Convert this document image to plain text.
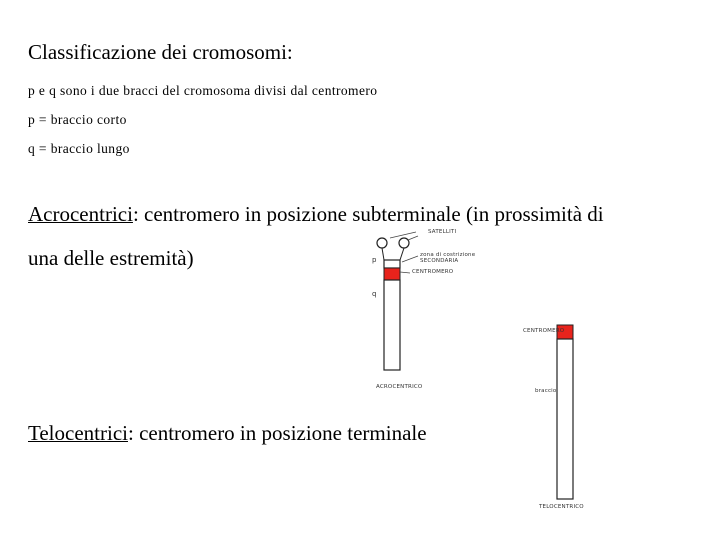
Classificazione dei cromosomi:
p e q sono i due bracci del cromosoma divisi dal centromero
p = braccio corto
q = braccio lungo
Acrocentrici: centromero in posizione subterminale (in prossimità di
una delle estremità)
Telocentrici: centromero in posizione terminale
SATELLITI
zona di costrizione
SECONDARIA
CENTROMERO
p
q
ACROCENTRICO
CENTROMERO
braccio
TELOCENTRICO
